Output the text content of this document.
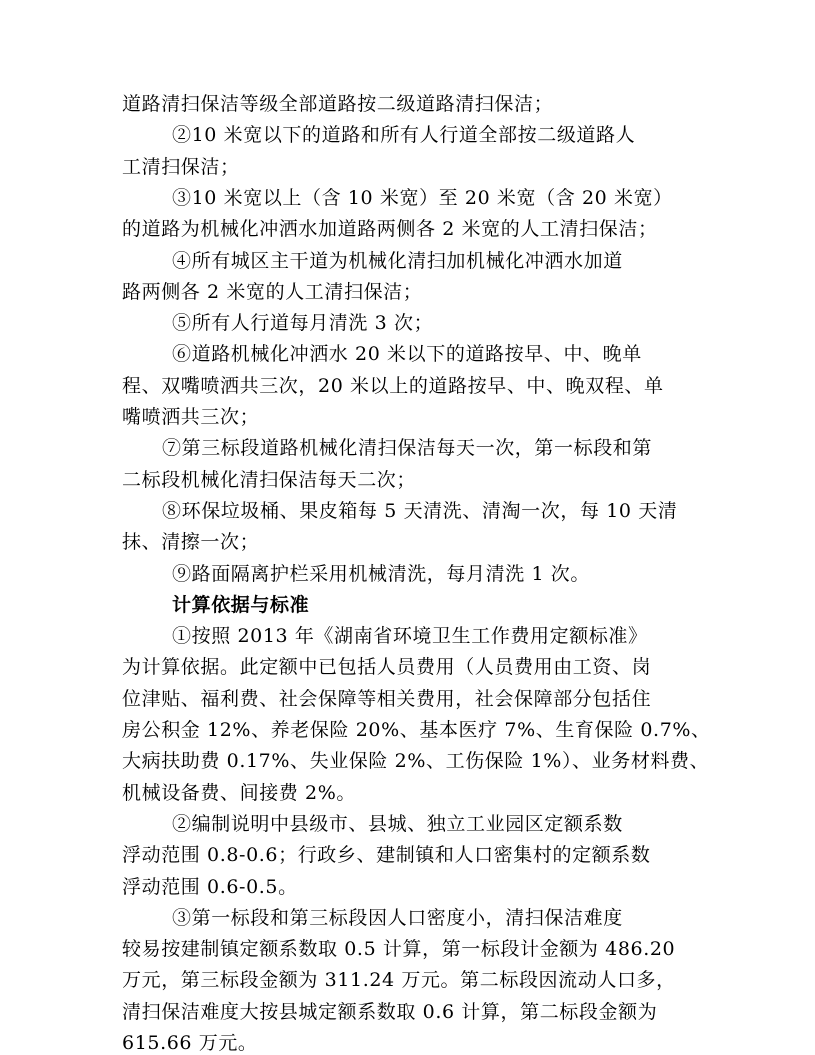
道路清扫保洁等级全部道路按二级道路清扫保洁；
②10 米宽以下的道路和所有人行道全部按二级道路人
工清扫保洁；
③10 米宽以上（含 10 米宽）至 20 米宽（含 20 米宽）
的道路为机械化冲洒水加道路两侧各 2 米宽的人工清扫保洁；
④所有城区主干道为机械化清扫加机械化冲洒水加道
路两侧各 2 米宽的人工清扫保洁；
⑤所有人行道每月清洗 3 次；
⑥道路机械化冲洒水 20 米以下的道路按早、中、晚单
程、双嘴喷洒共三次，20 米以上的道路按早、中、晚双程、单
嘴喷洒共三次；
⑦第三标段道路机械化清扫保洁每天一次，第一标段和第
二标段机械化清扫保洁每天二次；
⑧环保垃圾桶、果皮箱每 5 天清洗、清淘一次，每 10 天清
抹、清擦一次；
⑨路面隔离护栏采用机械清洗，每月清洗 1 次。
计算依据与标准
①按照 2013 年《湖南省环境卫生工作费用定额标准》
为计算依据。此定额中已包括人员费用（人员费用由工资、岗
位津贴、福利费、社会保障等相关费用，社会保障部分包括住
房公积金 12%、养老保险 20%、基本医疗 7%、生育保险 0.7%、
大病扶助费 0.17%、失业保险 2%、工伤保险 1%）、业务材料费、
机械设备费、间接费 2%。
②编制说明中县级市、县城、独立工业园区定额系数
浮动范围 0.8-0.6；行政乡、建制镇和人口密集村的定额系数
浮动范围 0.6-0.5。
③第一标段和第三标段因人口密度小，清扫保洁难度
较易按建制镇定额系数取 0.5 计算，第一标段计金额为 486.20
万元，第三标段金额为 311.24 万元。第二标段因流动人口多，
清扫保洁难度大按县城定额系数取 0.6 计算，第二标段金额为
615.66 万元。
